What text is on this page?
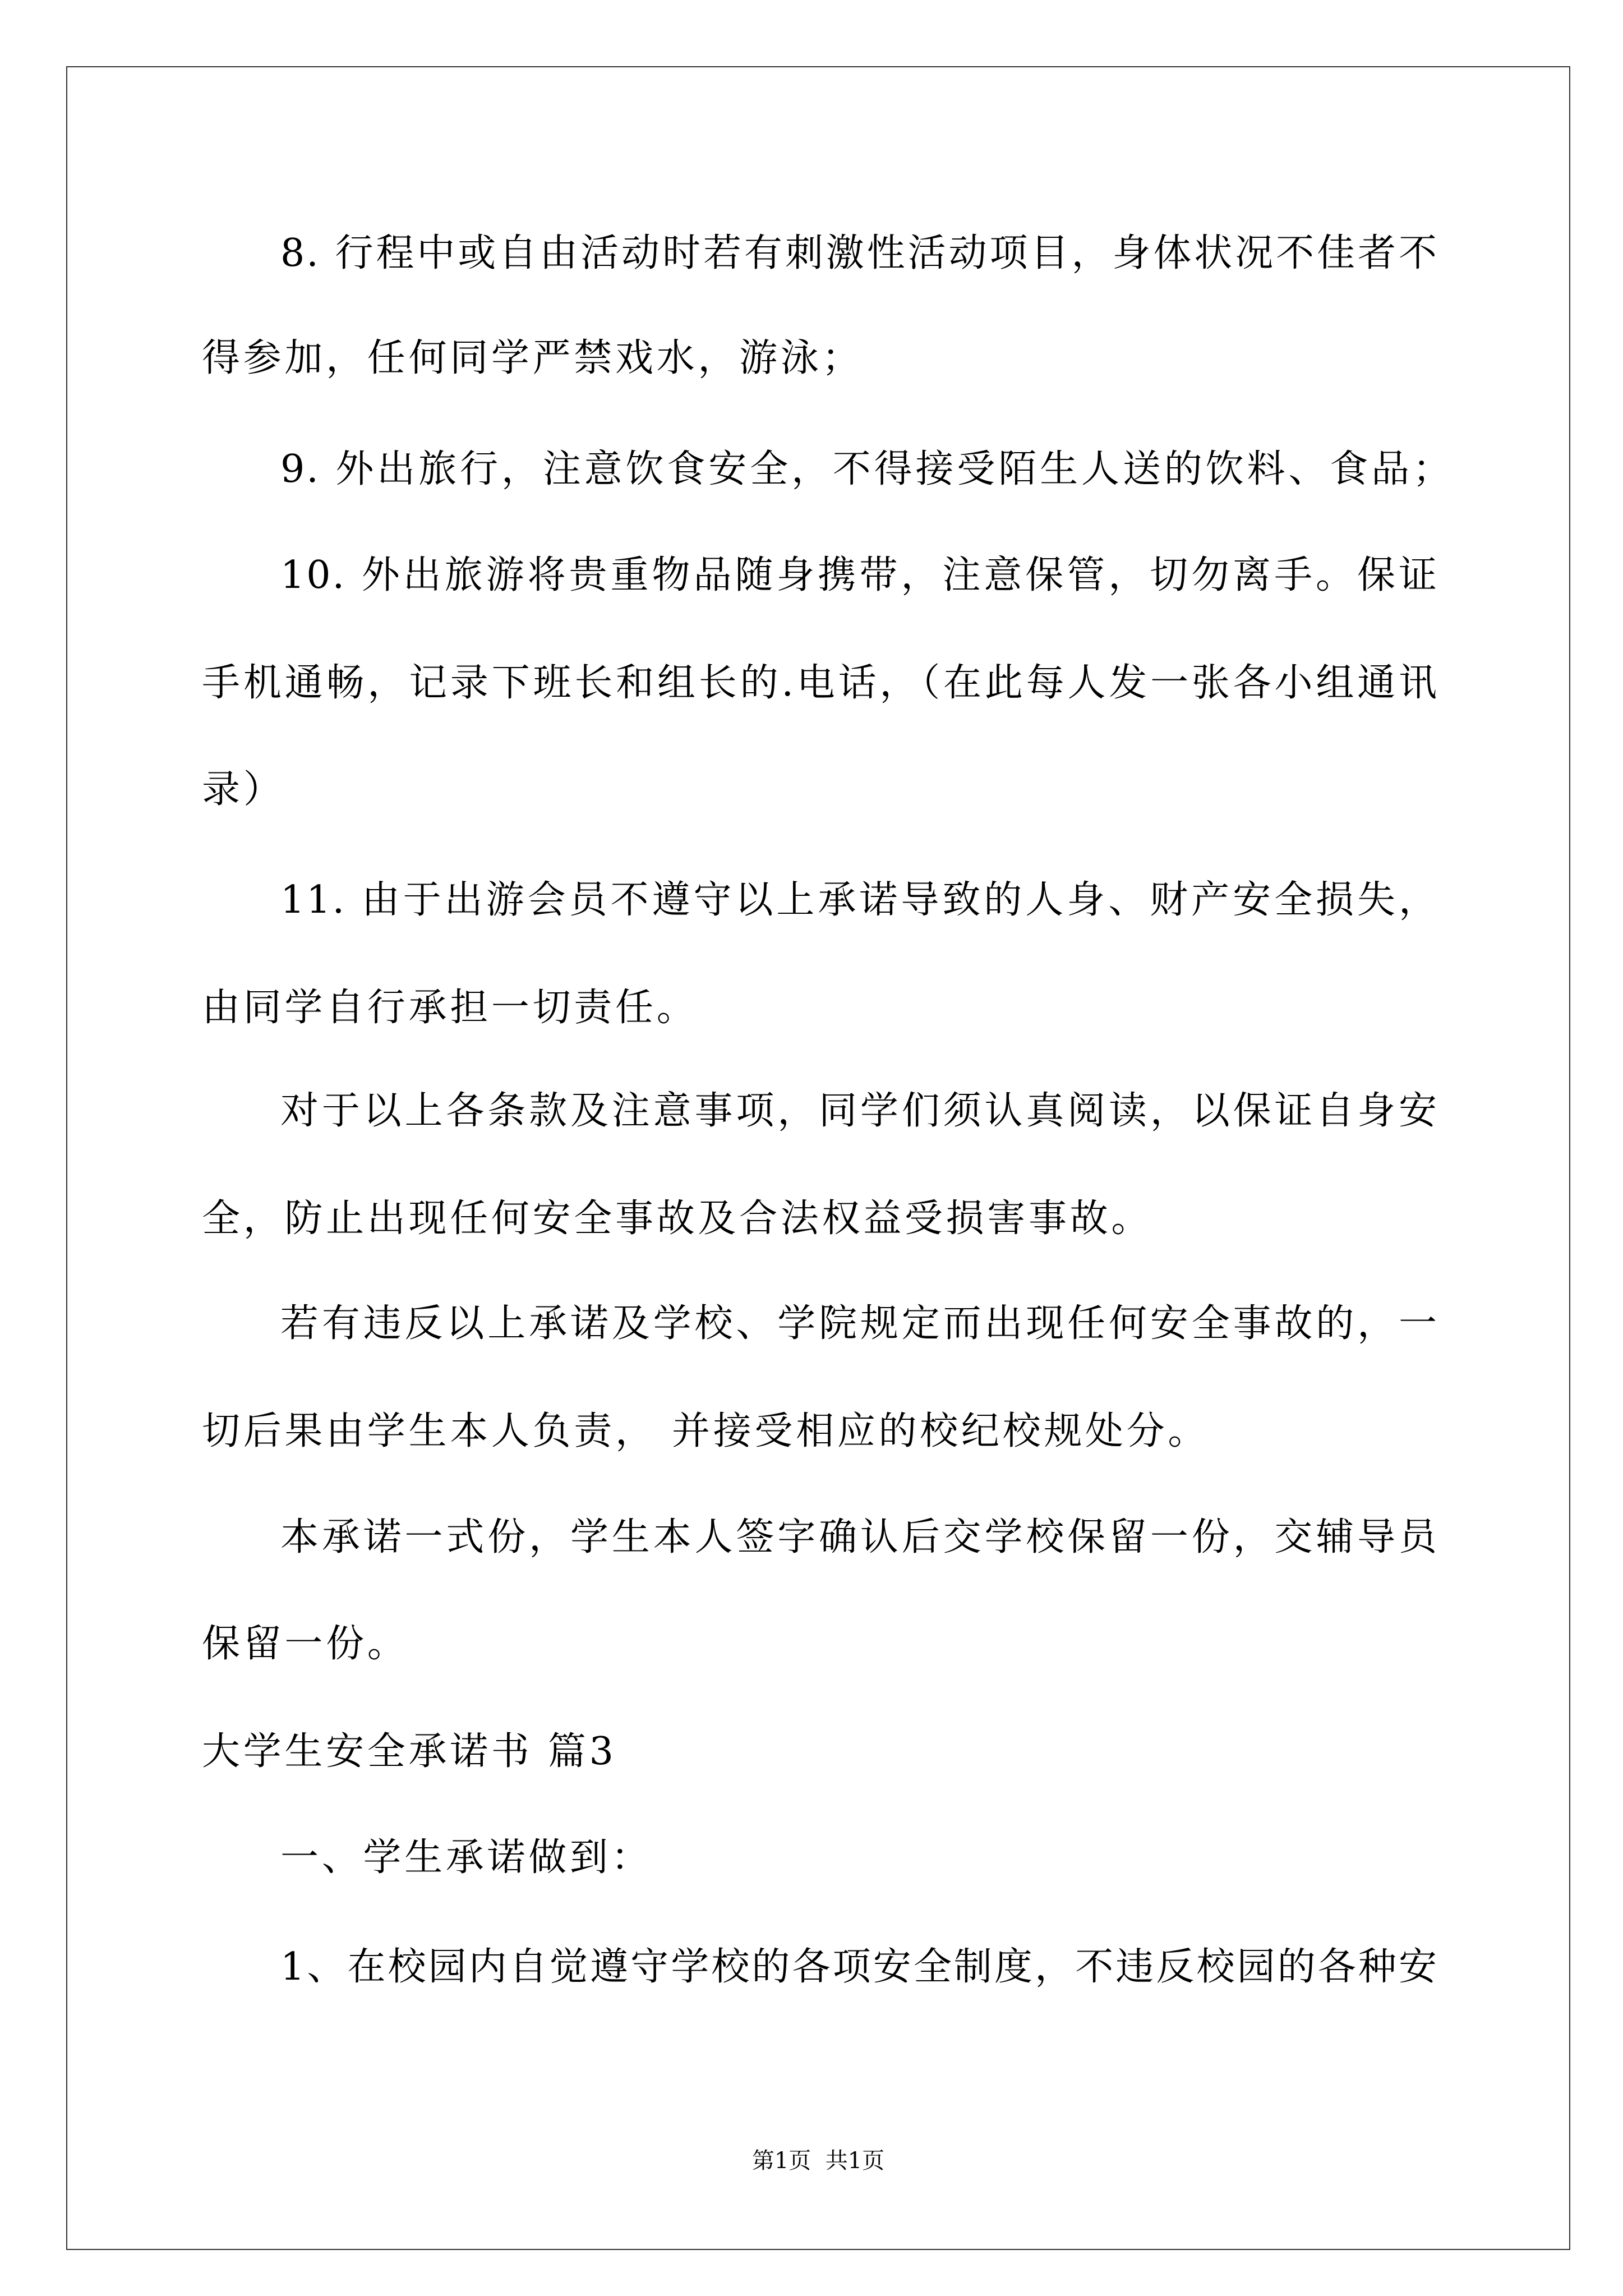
8. 行程中或自由活动时若有刺激性活动项目，身体状况不佳者不
得参加，任何同学严禁戏水，游泳；
9. 外出旅行，注意饮食安全，不得接受陌生人送的饮料、食品；
10. 外出旅游将贵重物品随身携带，注意保管，切勿离手。保证
手机通畅，记录下班长和组长的.电话，（在此每人发一张各小组通讯
录）
11. 由于出游会员不遵守以上承诺导致的人身、财产安全损失，
由同学自行承担一切责任。
对于以上各条款及注意事项，同学们须认真阅读，以保证自身安
全，防止出现任何安全事故及合法权益受损害事故。
若有违反以上承诺及学校、学院规定而出现任何安全事故的，一
切后果由学生本人负责， 并接受相应的校纪校规处分。
本承诺一式份，学生本人签字确认后交学校保留一份，交辅导员
保留一份。
大学生安全承诺书 篇3
一、学生承诺做到：
1、在校园内自觉遵守学校的各项安全制度，不违反校园的各种安
第1页  共1页
